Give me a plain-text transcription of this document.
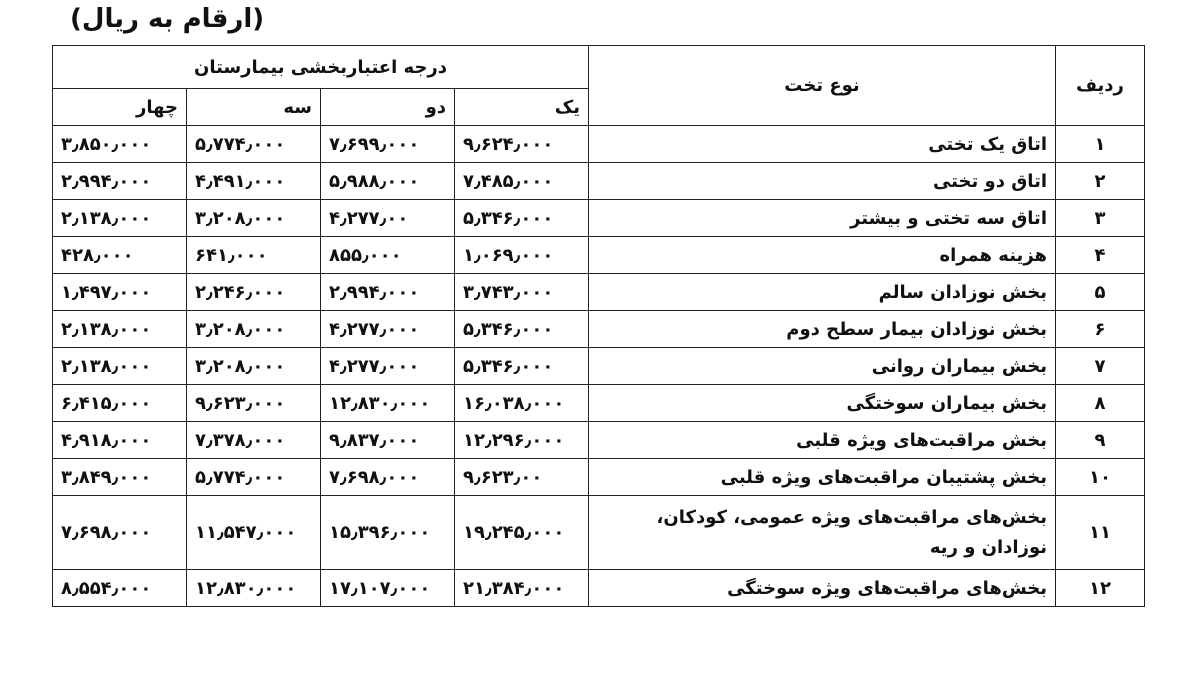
(ارقام به ریال)
ردیف	نوع تخت	درجه اعتباربخشی بیمارستان			
		یک	دو	سه	چهار
۱	اتاق یک تختی	۹٫۶۲۴٫۰۰۰	۷٫۶۹۹٫۰۰۰	۵٫۷۷۴٫۰۰۰	۳٫۸۵۰٫۰۰۰
۲	اتاق دو تختی	۷٫۴۸۵٫۰۰۰	۵٫۹۸۸٫۰۰۰	۴٫۴۹۱٫۰۰۰	۲٫۹۹۴٫۰۰۰
۳	اتاق سه تختی و بیشتر	۵٫۳۴۶٫۰۰۰	۴٫۲۷۷٫۰۰	۳٫۲۰۸٫۰۰۰	۲٫۱۳۸٫۰۰۰
۴	هزینه همراه	۱٫۰۶۹٫۰۰۰	۸۵۵٫۰۰۰	۶۴۱٫۰۰۰	۴۲۸٫۰۰۰
۵	بخش نوزادان سالم	۳٫۷۴۳٫۰۰۰	۲٫۹۹۴٫۰۰۰	۲٫۲۴۶٫۰۰۰	۱٫۴۹۷٫۰۰۰
۶	بخش نوزادان بیمار سطح دوم	۵٫۳۴۶٫۰۰۰	۴٫۲۷۷٫۰۰۰	۳٫۲۰۸٫۰۰۰	۲٫۱۳۸٫۰۰۰
۷	بخش بیماران روانی	۵٫۳۴۶٫۰۰۰	۴٫۲۷۷٫۰۰۰	۳٫۲۰۸٫۰۰۰	۲٫۱۳۸٫۰۰۰
۸	بخش بیماران سوختگی	۱۶٫۰۳۸٫۰۰۰	۱۲٫۸۳۰٫۰۰۰	۹٫۶۲۳٫۰۰۰	۶٫۴۱۵٫۰۰۰
۹	بخش مراقبت‌های ویژه قلبی	۱۲٫۲۹۶٫۰۰۰	۹٫۸۳۷٫۰۰۰	۷٫۳۷۸٫۰۰۰	۴٫۹۱۸٫۰۰۰
۱۰	بخش پشتیبان مراقبت‌های ویژه قلبی	۹٫۶۲۳٫۰۰	۷٫۶۹۸٫۰۰۰	۵٫۷۷۴٫۰۰۰	۳٫۸۴۹٫۰۰۰
۱۱	بخش‌های مراقبت‌های ویژه عمومی، کودکان، نوزادان و ریه	۱۹٫۲۴۵٫۰۰۰	۱۵٫۳۹۶٫۰۰۰	۱۱٫۵۴۷٫۰۰۰	۷٫۶۹۸٫۰۰۰
۱۲	بخش‌های مراقبت‌های ویژه سوختگی	۲۱٫۳۸۴٫۰۰۰	۱۷٫۱۰۷٫۰۰۰	۱۲٫۸۳۰٫۰۰۰	۸٫۵۵۴٫۰۰۰
